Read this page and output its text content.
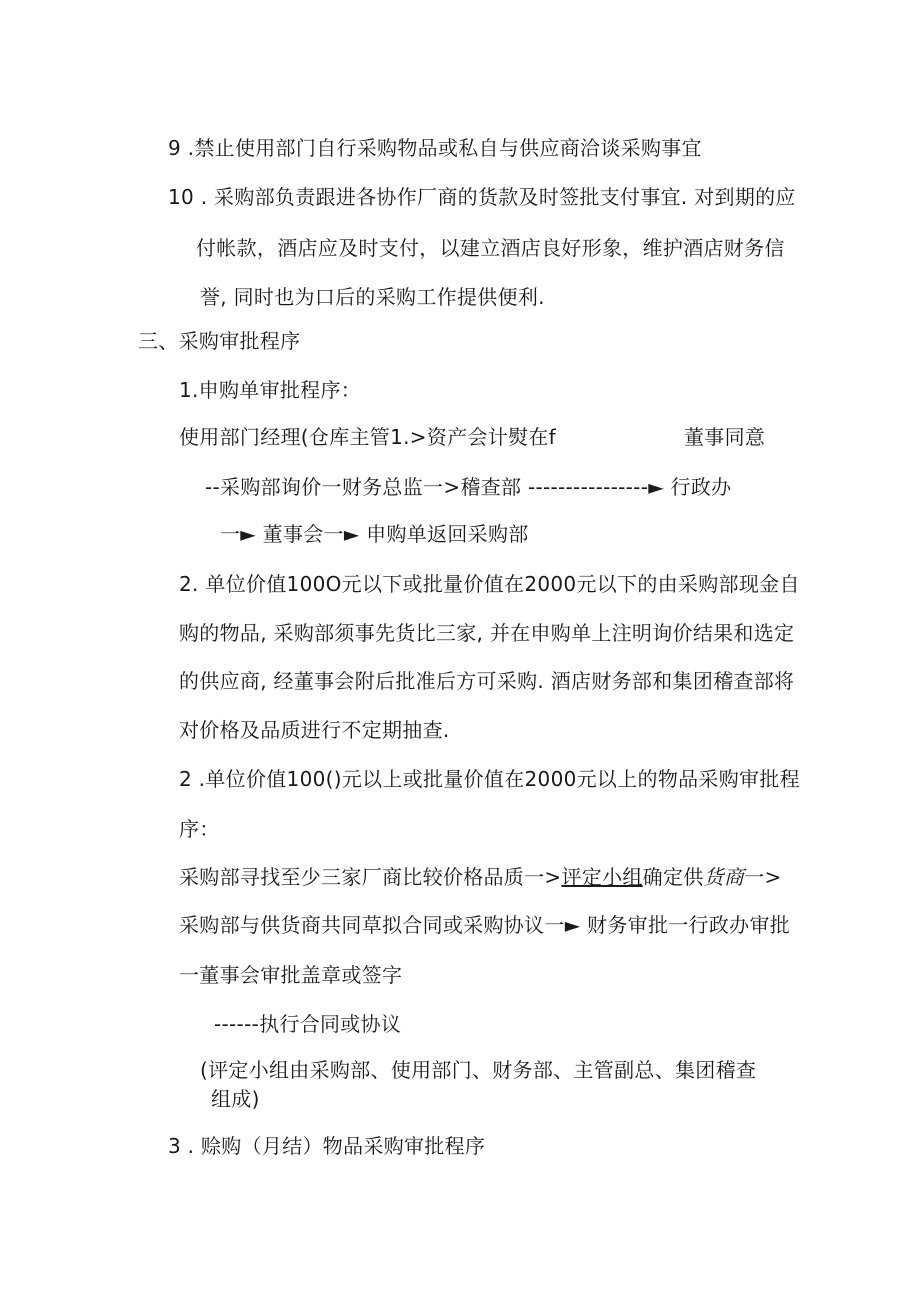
9 .禁止使用部门自行采购物品或私自与供应商洽谈采购事宜
10 . 采购部负责跟进各协作厂商的货款及时签批支付事宜. 对到期的应
付帐款，酒店应及时支付，以建立酒店良好形象，维护酒店财务信
誉, 同时也为口后的采购工作提供便利.
三、采购审批程序
1.申购单审批程序：
使用部门经理(仓库主管1.>资产会计熨在f	董事同意
--采购部询价一财务总监一>稽查部 ----------------► 行政办
一► 董事会一► 申购单返回采购部
2. 单位价值100O元以下或批量价值在2000元以下的由采购部现金自
购的物品, 采购部须事先货比三家, 并在申购单上注明询价结果和选定
的供应商, 经董事会附后批准后方可采购. 酒店财务部和集团稽查部将
对价格及品质进行不定期抽查.
2 .单位价值100()元以上或批量价值在2000元以上的物品采购审批程
序：
采购部寻找至少三家厂商比较价格品质一>评定小组确定供货商一>
采购部与供货商共同草拟合同或采购协议一► 财务审批一行政办审批
一董事会审批盖章或签字
------执行合同或协议
(评定小组由采购部、使用部门、财务部、主管副总、集团稽查
组成)
3 . 赊购（月结）物品采购审批程序
